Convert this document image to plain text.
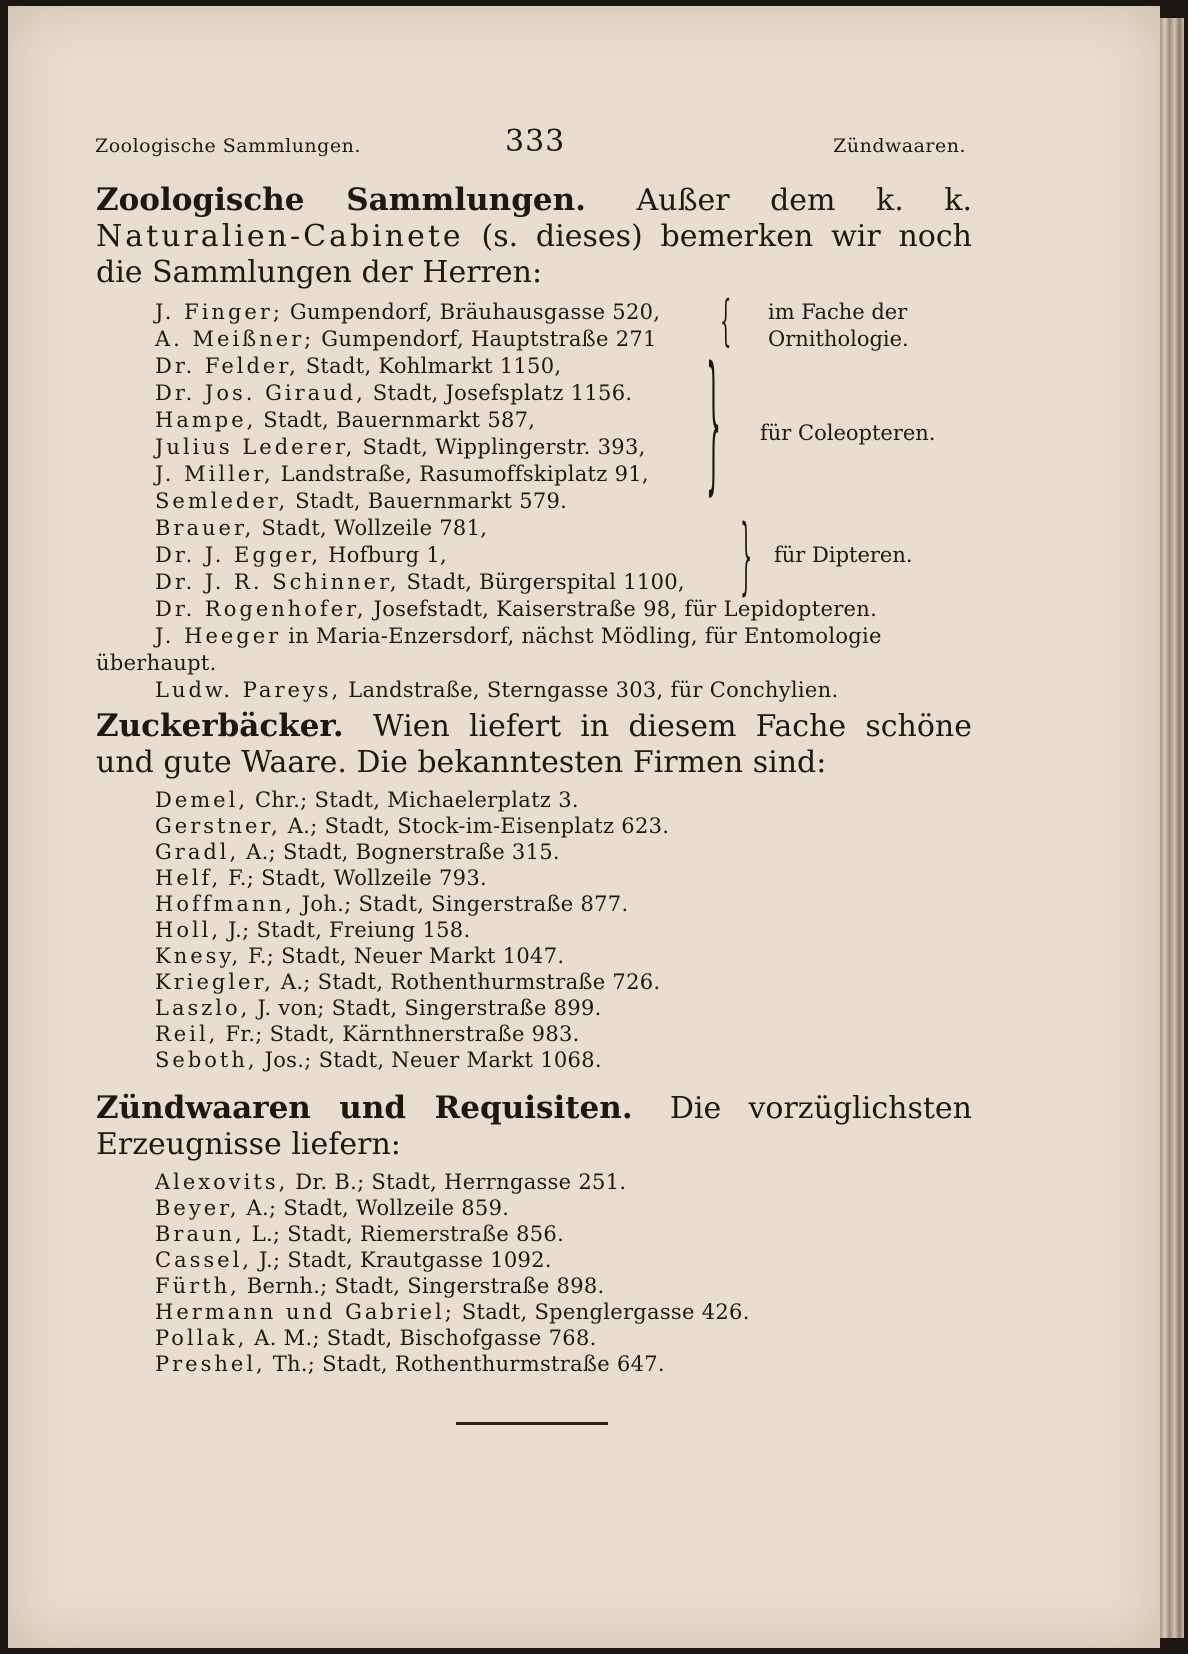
Zoologische Sammlungen.	333	Zündwaaren.
Zoologische Sammlungen. Außer dem k. k. Naturalien-Cabinete (s. dieses) bemerken wir noch die Sammlungen der Herren:
J. Finger; Gumpendorf, Bräuhausgasse 520,
A. Meißner; Gumpendorf, Hauptstraße 271 { im Fache der
Ornithologie.
Dr. Felder, Stadt, Kohlmarkt 1150,
Dr. Jos. Giraud, Stadt, Josefsplatz 1156.
Hampe, Stadt, Bauernmarkt 587,
Julius Lederer, Stadt, Wipplingerstr. 393,
J. Miller, Landstraße, Rasumoffskiplatz 91,
Semleder, Stadt, Bauernmarkt 579.	} für Coleopteren.
Brauer, Stadt, Wollzeile 781,
Dr. J. Egger, Hofburg 1,
Dr. J. R. Schinner, Stadt, Bürgerspital 1100, } für Dipteren.
Dr. Rogenhofer, Josefstadt, Kaiserstraße 98, für Lepidopteren.
J. Heeger in Maria-Enzersdorf, nächst Mödling, für Entomologie
überhaupt.
Ludw. Pareys, Landstraße, Sterngasse 303, für Conchylien.
Zuckerbäcker. Wien liefert in diesem Fache schöne und gute Waare. Die bekanntesten Firmen sind:
Demel, Chr.; Stadt, Michaelerplatz 3.
Gerstner, A.; Stadt, Stock-im-Eisenplatz 623.
Gradl, A.; Stadt, Bognerstraße 315.
Helf, F.; Stadt, Wollzeile 793.
Hoffmann, Joh.; Stadt, Singerstraße 877.
Holl, J.; Stadt, Freiung 158.
Knesy, F.; Stadt, Neuer Markt 1047.
Kriegler, A.; Stadt, Rothenthurmstraße 726.
Laszlo, J. von; Stadt, Singerstraße 899.
Reil, Fr.; Stadt, Kärnthnerstraße 983.
Seboth, Jos.; Stadt, Neuer Markt 1068.
Zündwaaren und Requisiten. Die vorzüglichsten Erzeugnisse liefern:
Alexovits, Dr. B.; Stadt, Herrngasse 251.
Beyer, A.; Stadt, Wollzeile 859.
Braun, L.; Stadt, Riemerstraße 856.
Cassel, J.; Stadt, Krautgasse 1092.
Fürth, Bernh.; Stadt, Singerstraße 898.
Hermann und Gabriel; Stadt, Spenglergasse 426.
Pollak, A. M.; Stadt, Bischofgasse 768.
Preshel, Th.; Stadt, Rothenthurmstraße 647.
